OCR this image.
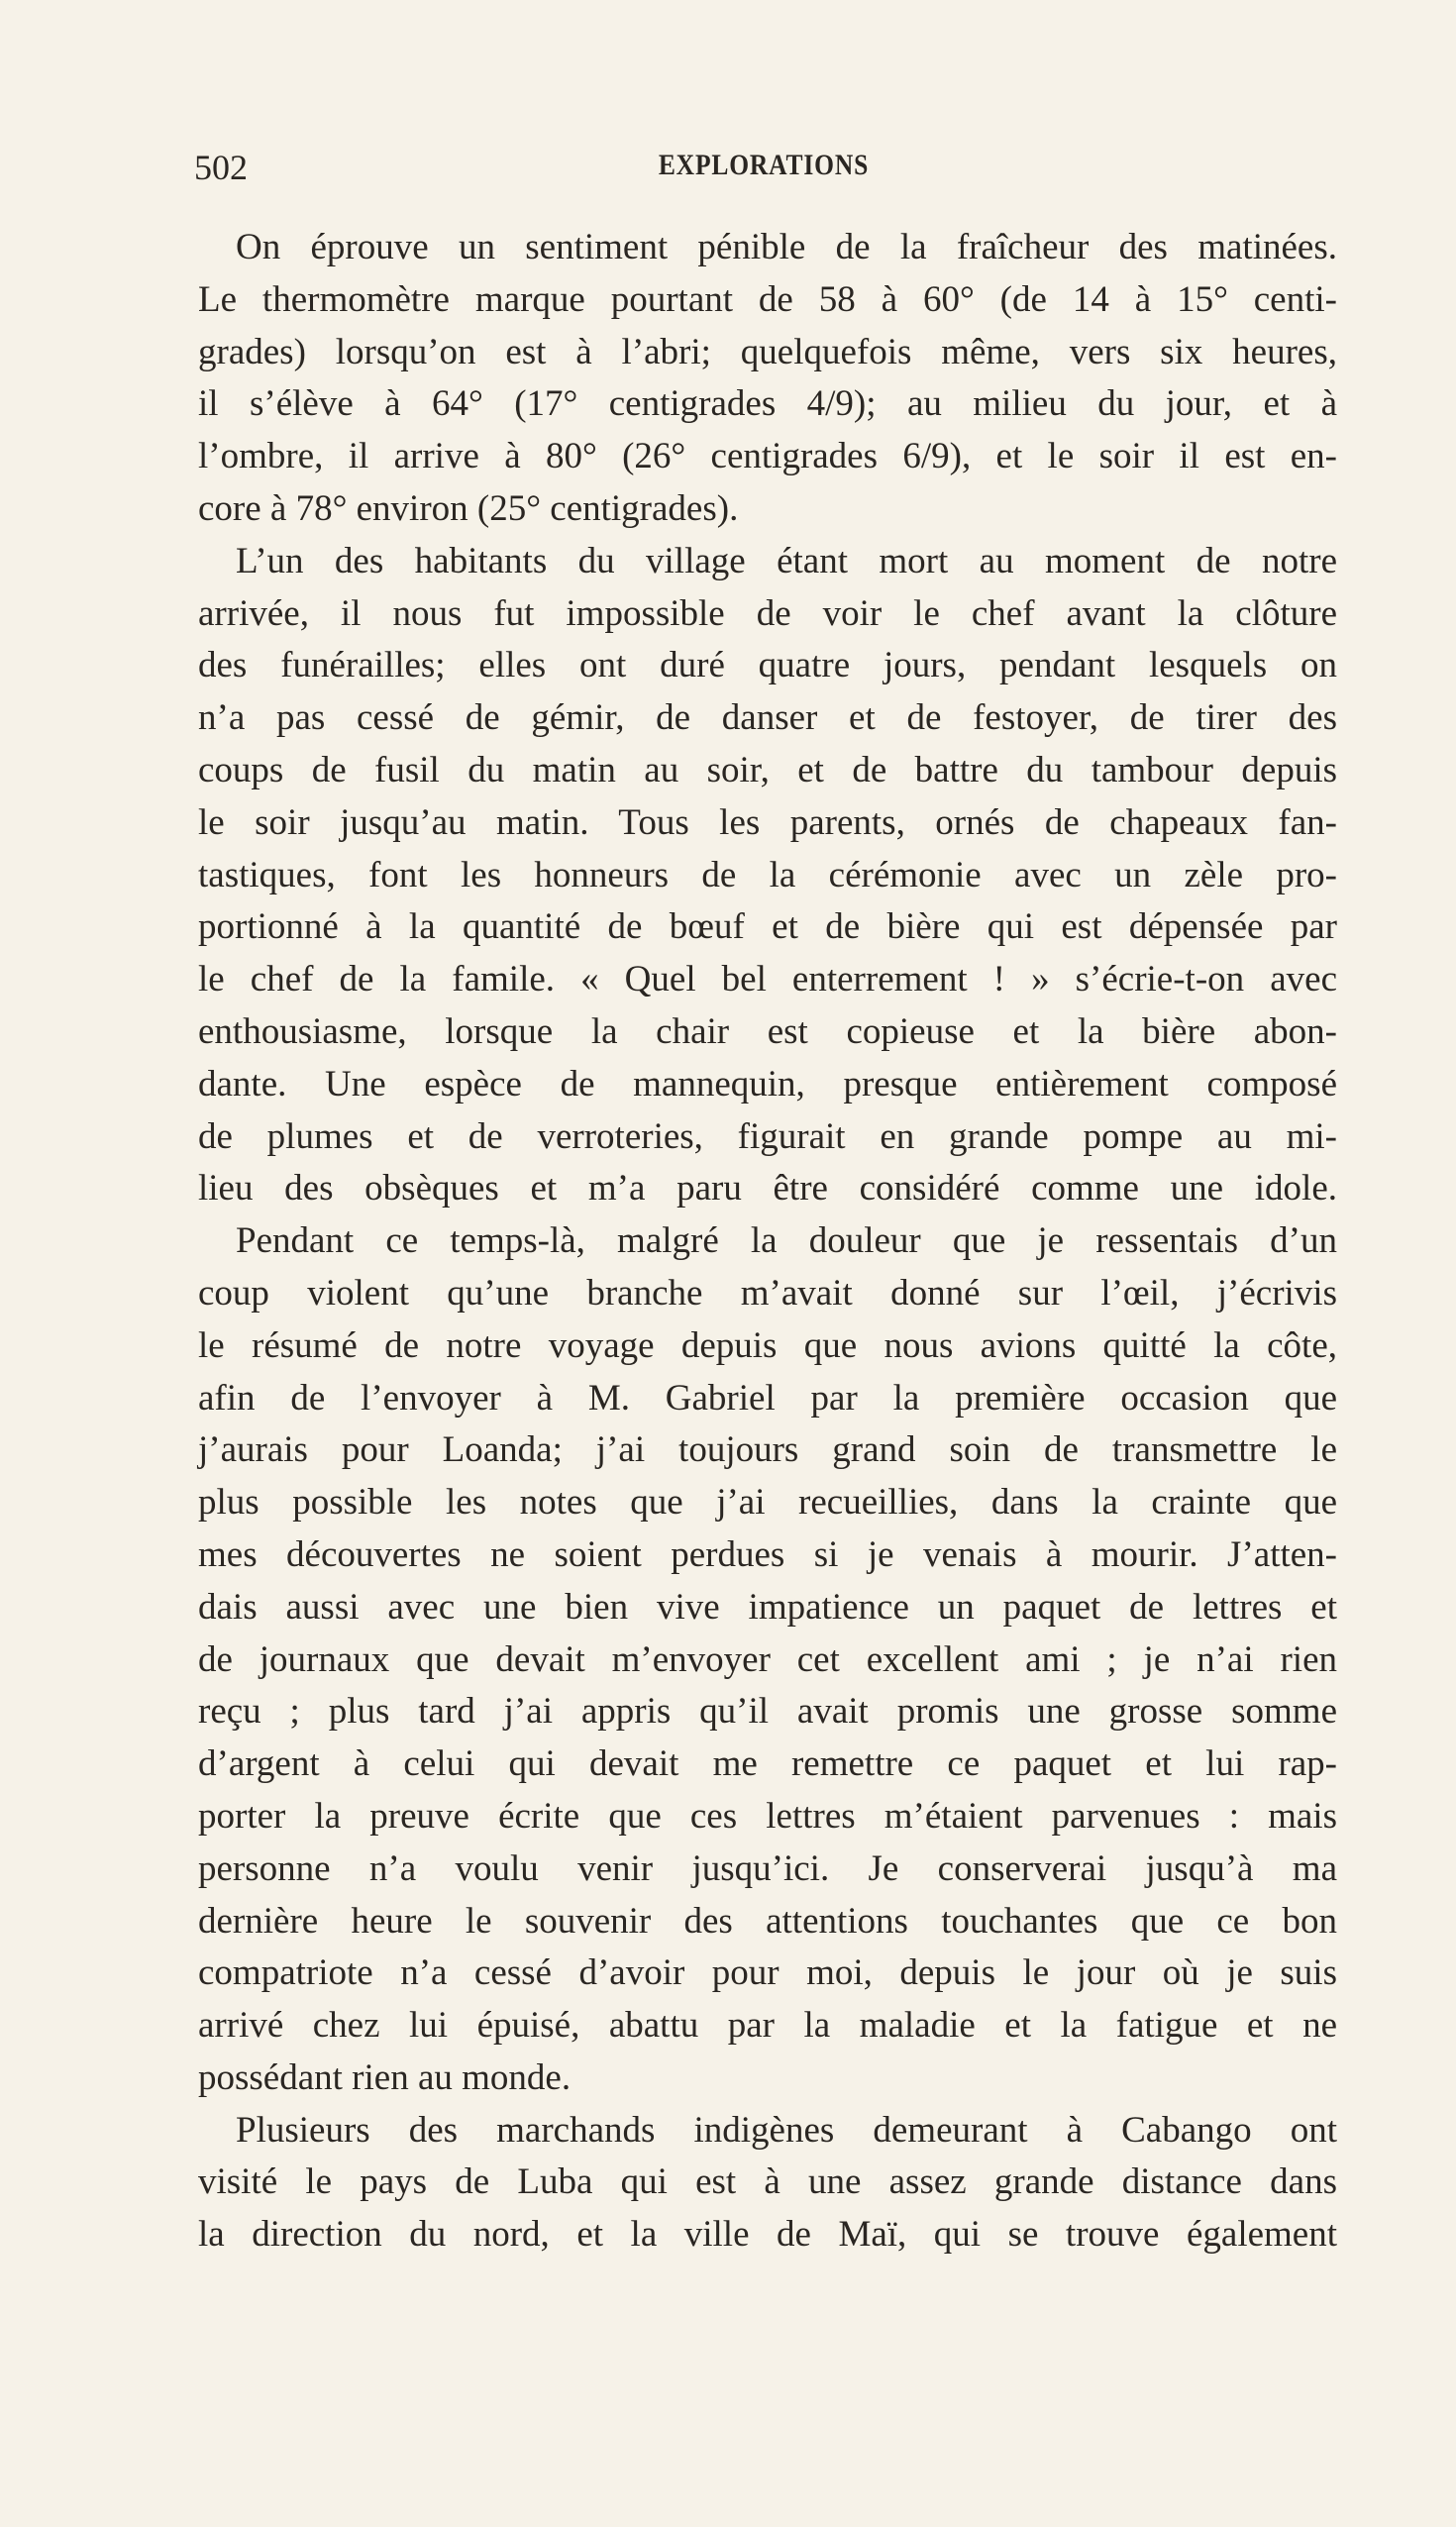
502	EXPLORATIONS
On éprouve un sentiment pénible de la fraîcheur des matinées.
Le thermomètre marque pourtant de 58 à 60° (de 14 à 15° centi-
grades) lorsqu’on est à l’abri; quelquefois même, vers six heures,
il s’élève à 64° (17° centigrades 4/9); au milieu du jour, et à
l’ombre, il arrive à 80° (26° centigrades 6/9), et le soir il est en-
core à 78° environ (25° centigrades).
L’un des habitants du village étant mort au moment de notre
arrivée, il nous fut impossible de voir le chef avant la clôture
des funérailles; elles ont duré quatre jours, pendant lesquels on
n’a pas cessé de gémir, de danser et de festoyer, de tirer des
coups de fusil du matin au soir, et de battre du tambour depuis
le soir jusqu’au matin. Tous les parents, ornés de chapeaux fan-
tastiques, font les honneurs de la cérémonie avec un zèle pro-
portionné à la quantité de bœuf et de bière qui est dépensée par
le chef de la famile. « Quel bel enterrement ! » s’écrie-t-on avec
enthousiasme, lorsque la chair est copieuse et la bière abon-
dante. Une espèce de mannequin, presque entièrement composé
de plumes et de verroteries, figurait en grande pompe au mi-
lieu des obsèques et m’a paru être considéré comme une idole.
Pendant ce temps-là, malgré la douleur que je ressentais d’un
coup violent qu’une branche m’avait donné sur l’œil, j’écrivis
le résumé de notre voyage depuis que nous avions quitté la côte,
afin de l’envoyer à M. Gabriel par la première occasion que
j’aurais pour Loanda; j’ai toujours grand soin de transmettre le
plus possible les notes que j’ai recueillies, dans la crainte que
mes découvertes ne soient perdues si je venais à mourir. J’atten-
dais aussi avec une bien vive impatience un paquet de lettres et
de journaux que devait m’envoyer cet excellent ami ; je n’ai rien
reçu ; plus tard j’ai appris qu’il avait promis une grosse somme
d’argent à celui qui devait me remettre ce paquet et lui rap-
porter la preuve écrite que ces lettres m’étaient parvenues : mais
personne n’a voulu venir jusqu’ici. Je conserverai jusqu’à ma
dernière heure le souvenir des attentions touchantes que ce bon
compatriote n’a cessé d’avoir pour moi, depuis le jour où je suis
arrivé chez lui épuisé, abattu par la maladie et la fatigue et ne
possédant rien au monde.
Plusieurs des marchands indigènes demeurant à Cabango ont
visité le pays de Luba qui est à une assez grande distance dans
la direction du nord, et la ville de Maï, qui se trouve également
